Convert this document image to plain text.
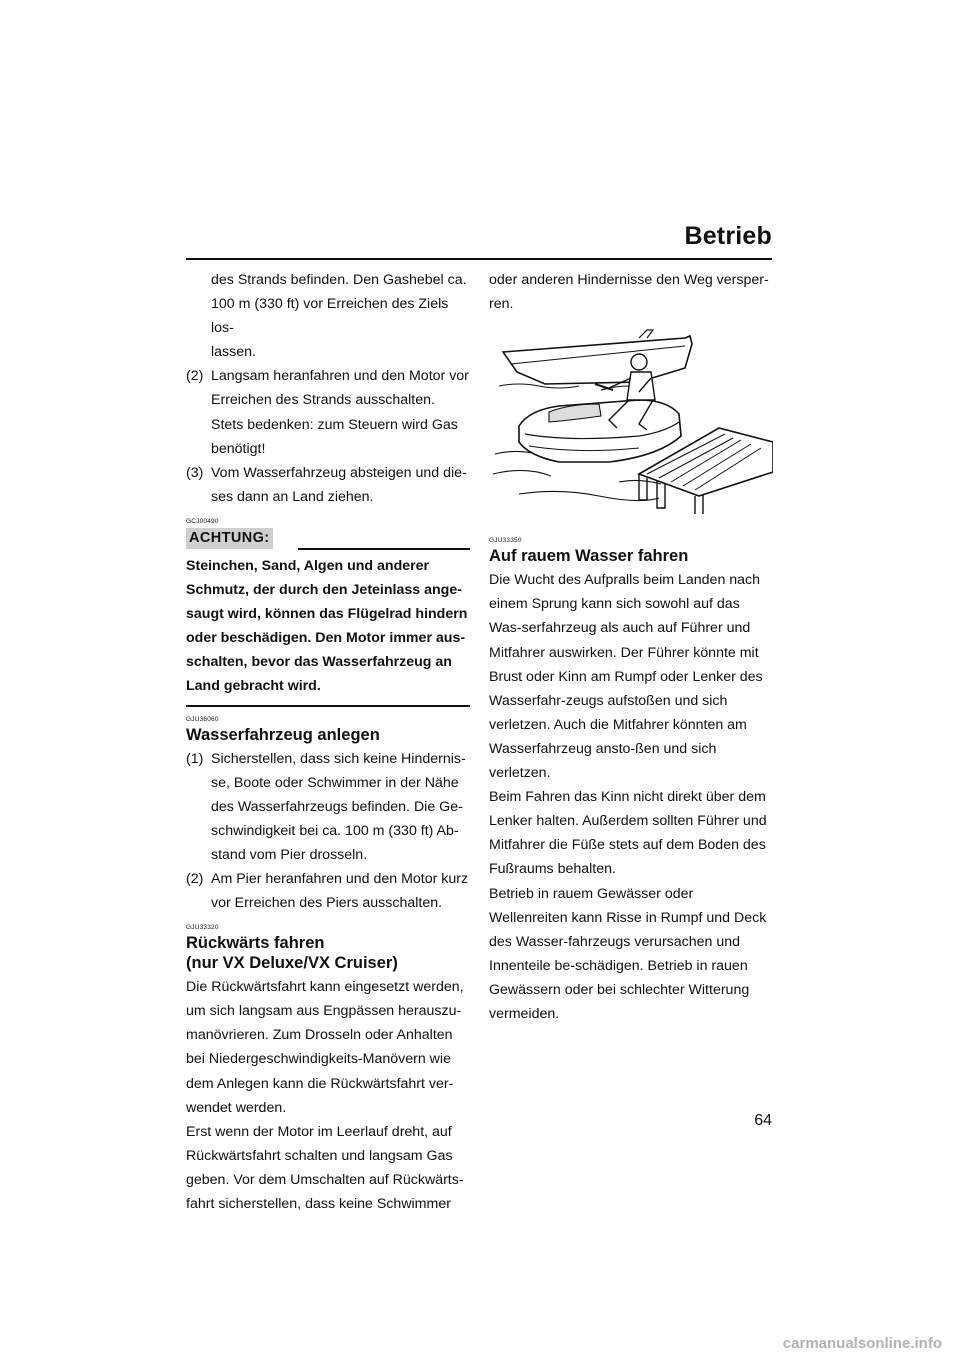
Betrieb
des Strands befinden. Den Gashebel ca.
100 m (330 ft) vor Erreichen des Ziels los-
lassen.
(2) Langsam heranfahren und den Motor vor Erreichen des Strands ausschalten. Stets bedenken: zum Steuern wird Gas benötigt!
(3) Vom Wasserfahrzeug absteigen und die-ses dann an Land ziehen.
GCJ00490
ACHTUNG:
Steinchen, Sand, Algen und anderer Schmutz, der durch den Jeteinlass ange-saugt wird, können das Flügelrad hindern oder beschädigen. Den Motor immer aus-schalten, bevor das Wasserfahrzeug an Land gebracht wird.
GJU36060
Wasserfahrzeug anlegen
(1) Sicherstellen, dass sich keine Hindernis-se, Boote oder Schwimmer in der Nähe des Wasserfahrzeugs befinden. Die Ge-schwindigkeit bei ca. 100 m (330 ft) Ab-stand vom Pier drosseln.
(2) Am Pier heranfahren und den Motor kurz vor Erreichen des Piers ausschalten.
GJU33320
Rückwärts fahren
(nur VX Deluxe/VX Cruiser)
Die Rückwärtsfahrt kann eingesetzt werden, um sich langsam aus Engpässen herauszu-manövrieren. Zum Drosseln oder Anhalten bei Niedergeschwindigkeits-Manövern wie dem Anlegen kann die Rückwärtsfahrt ver-wendet werden.
Erst wenn der Motor im Leerlauf dreht, auf Rückwärtsfahrt schalten und langsam Gas geben. Vor dem Umschalten auf Rückwärts-fahrt sicherstellen, dass keine Schwimmer
oder anderen Hindernisse den Weg versper-ren.
GJU33350
Auf rauem Wasser fahren
Die Wucht des Aufpralls beim Landen nach einem Sprung kann sich sowohl auf das Was-serfahrzeug als auch auf Führer und Mitfahrer auswirken. Der Führer könnte mit Brust oder Kinn am Rumpf oder Lenker des Wasserfahr-zeugs aufstoßen und sich verletzen. Auch die Mitfahrer könnten am Wasserfahrzeug ansto-ßen und sich verletzen.
Beim Fahren das Kinn nicht direkt über dem Lenker halten. Außerdem sollten Führer und Mitfahrer die Füße stets auf dem Boden des Fußraums behalten.
Betrieb in rauem Gewässer oder Wellenreiten kann Risse in Rumpf und Deck des Wasser-fahrzeugs verursachen und Innenteile be-schädigen. Betrieb in rauen Gewässern oder bei schlechter Witterung vermeiden.
64
carmanualsonline.info
